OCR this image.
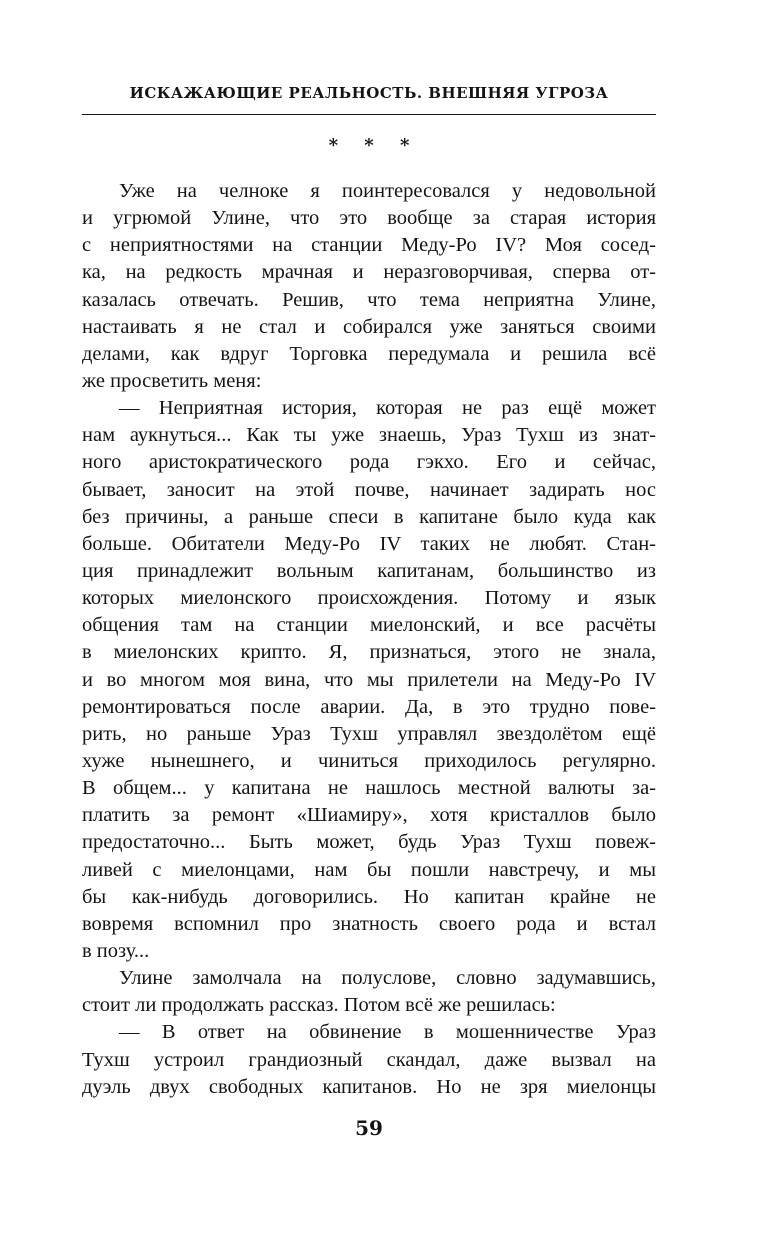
ИСКАЖАЮЩИЕ РЕАЛЬНОСТЬ. ВНЕШНЯЯ УГРОЗА
* * *
Уже на челноке я поинтересовался у недовольной
и угрюмой Улине, что это вообще за старая история
с неприятностями на станции Меду-Ро IV? Моя сосед-
ка, на редкость мрачная и неразговорчивая, сперва от-
казалась отвечать. Решив, что тема неприятна Улине,
настаивать я не стал и собирался уже заняться своими
делами, как вдруг Торговка передумала и решила всё
же просветить меня:
— Неприятная история, которая не раз ещё может
нам аукнуться... Как ты уже знаешь, Ураз Тухш из знат-
ного аристократического рода гэкхо. Его и сейчас,
бывает, заносит на этой почве, начинает задирать нос
без причины, а раньше спеси в капитане было куда как
больше. Обитатели Меду-Ро IV таких не любят. Стан-
ция принадлежит вольным капитанам, большинство из
которых миелонского происхождения. Потому и язык
общения там на станции миелонский, и все расчёты
в миелонских крипто. Я, признаться, этого не знала,
и во многом моя вина, что мы прилетели на Меду-Ро IV
ремонтироваться после аварии. Да, в это трудно пове-
рить, но раньше Ураз Тухш управлял звездолётом ещё
хуже нынешнего, и чиниться приходилось регулярно.
В общем... у капитана не нашлось местной валюты за-
платить за ремонт «Шиамиру», хотя кристаллов было
предостаточно... Быть может, будь Ураз Тухш повеж-
ливей с миелонцами, нам бы пошли навстречу, и мы
бы как-нибудь договорились. Но капитан крайне не
вовремя вспомнил про знатность своего рода и встал
в позу...
Улине замолчала на полуслове, словно задумавшись,
стоит ли продолжать рассказ. Потом всё же решилась:
— В ответ на обвинение в мошенничестве Ураз
Тухш устроил грандиозный скандал, даже вызвал на
дуэль двух свободных капитанов. Но не зря миелонцы
59
